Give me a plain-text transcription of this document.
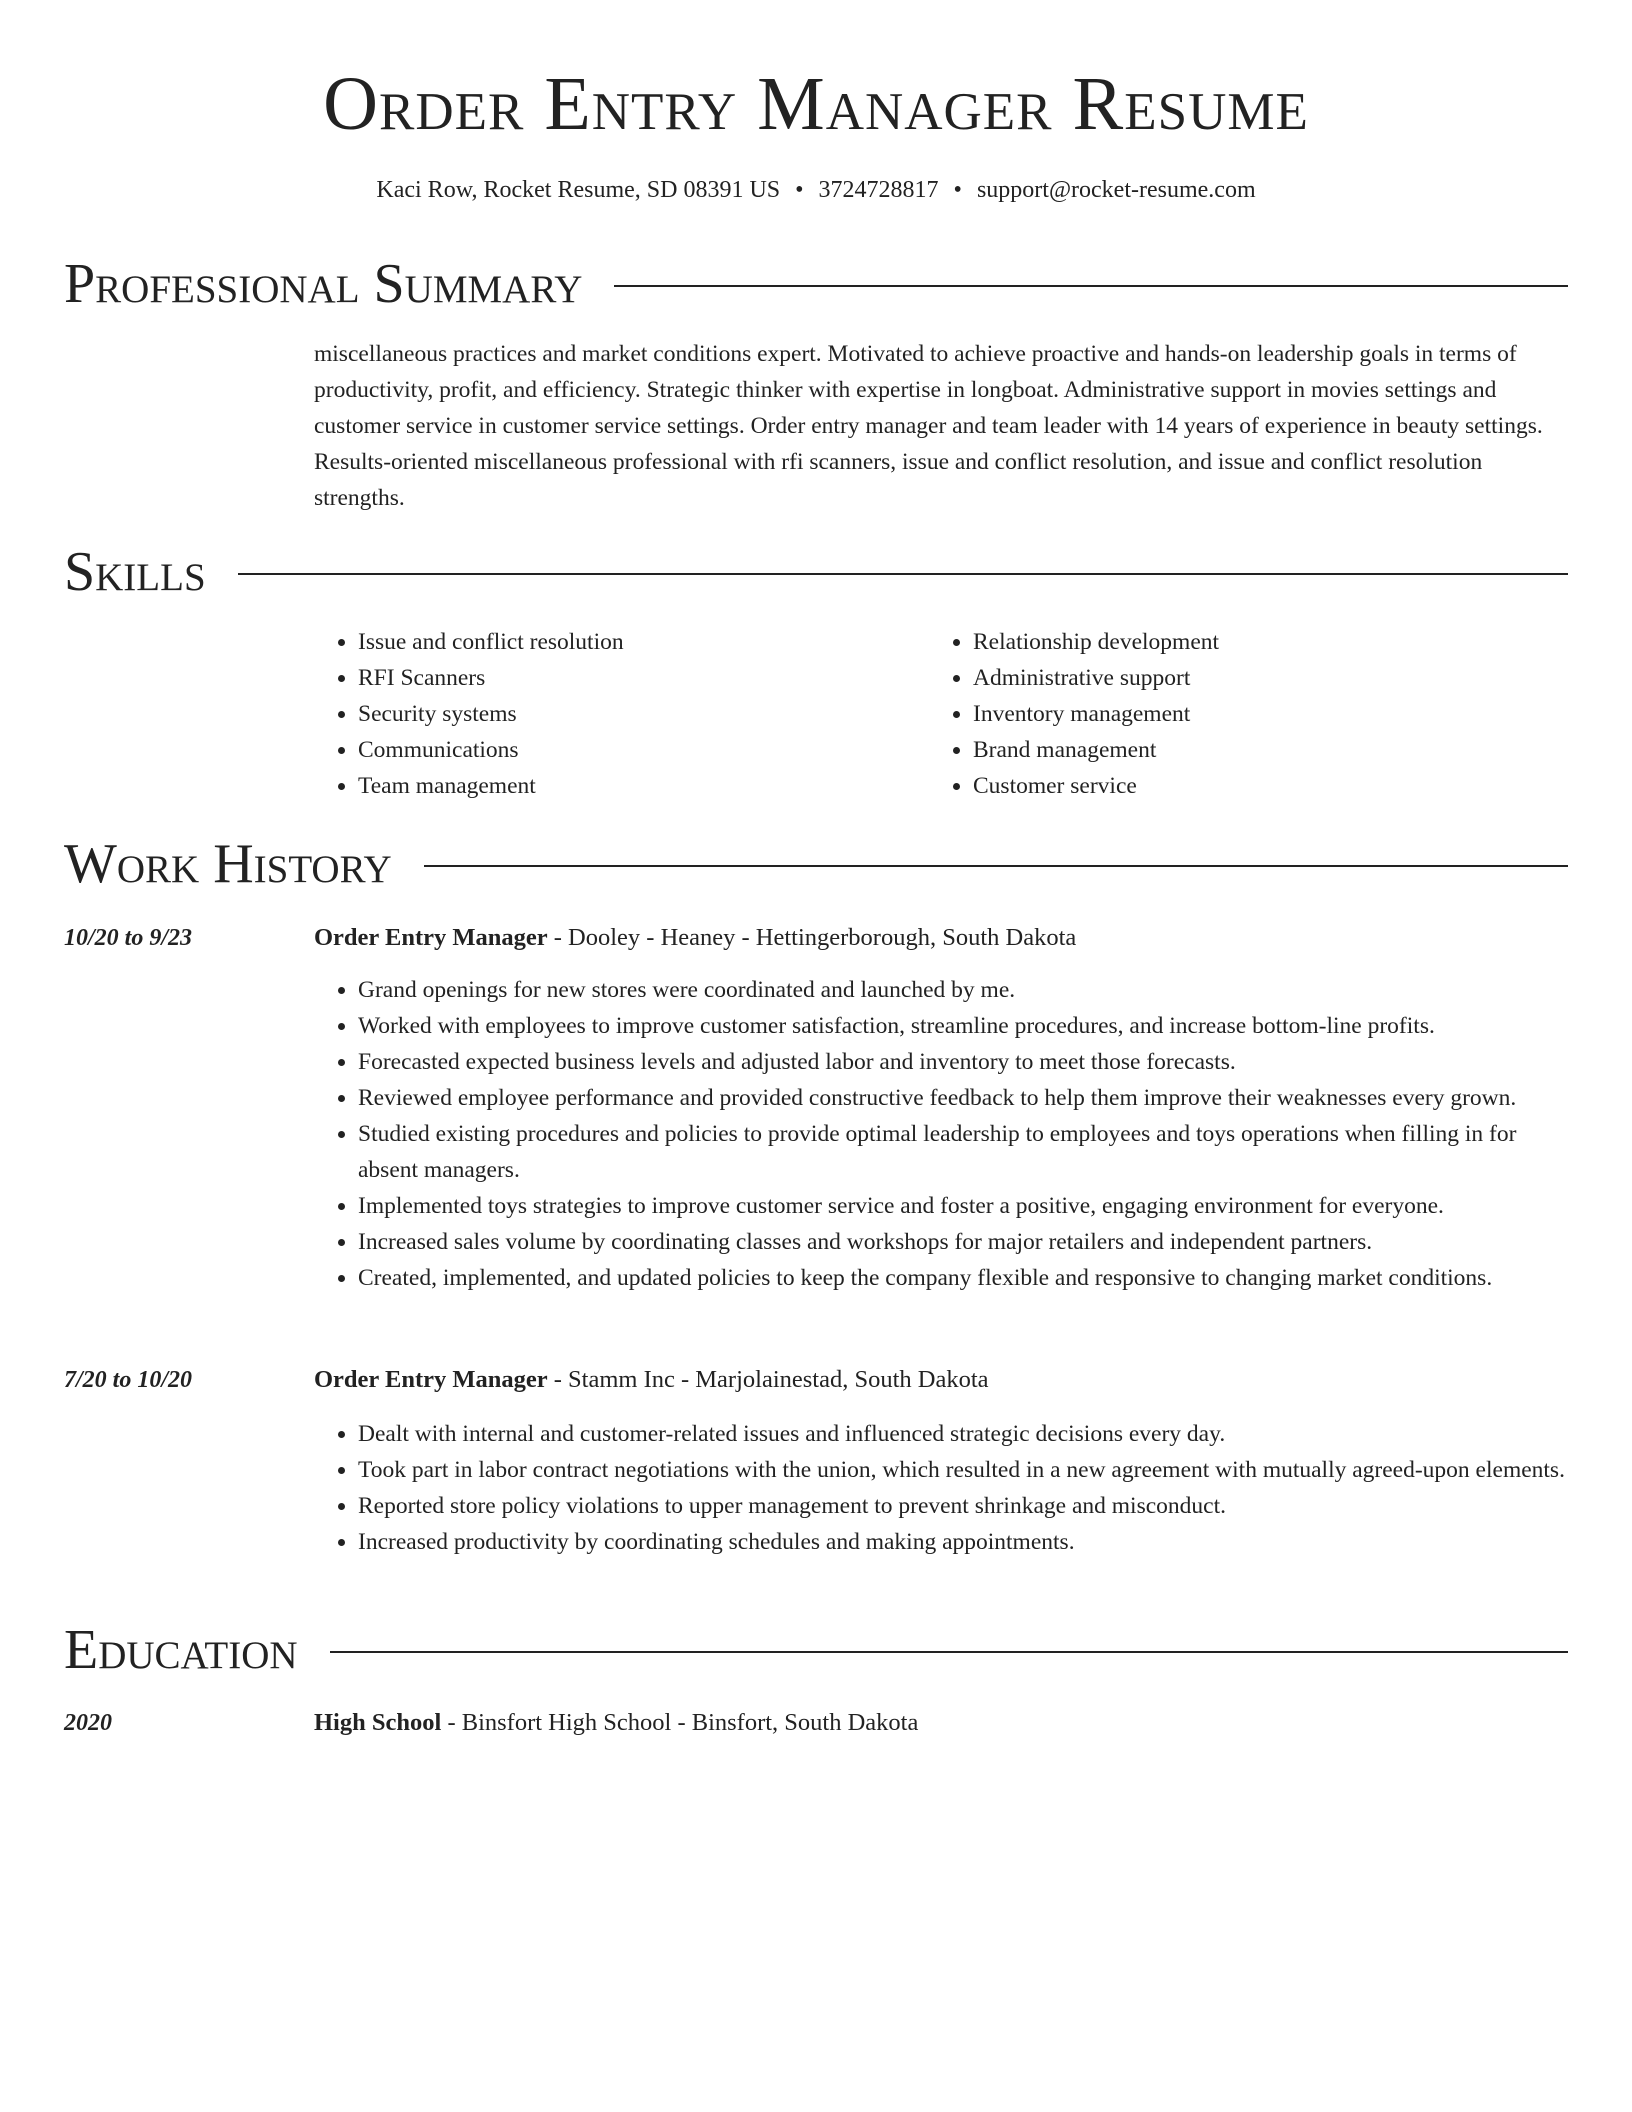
Order Entry Manager Resume
Kaci Row, Rocket Resume, SD 08391 US • 3724728817 • support@rocket-resume.com
Professional Summary

miscellaneous practices and market conditions expert. Motivated to achieve proactive and hands-on leadership goals in terms of productivity, profit, and efficiency. Strategic thinker with expertise in longboat. Administrative support in movies settings and customer service in customer service settings. Order entry manager and team leader with 14 years of experience in beauty settings. Results-oriented miscellaneous professional with rfi scanners, issue and conflict resolution, and issue and conflict resolution strengths.

Skills
• Issue and conflict resolution
• RFI Scanners
• Security systems
• Communications
• Team management
• Relationship development
• Administrative support
• Inventory management
• Brand management
• Customer service
Work History
10/20 to 9/23	Order Entry Manager - Dooley - Heaney - Hettingerborough, South Dakota
• Grand openings for new stores were coordinated and launched by me.
• Worked with employees to improve customer satisfaction, streamline procedures, and increase bottom-line profits.
• Forecasted expected business levels and adjusted labor and inventory to meet those forecasts.
• Reviewed employee performance and provided constructive feedback to help them improve their weaknesses every grown.
• Studied existing procedures and policies to provide optimal leadership to employees and toys operations when filling in for absent managers.
• Implemented toys strategies to improve customer service and foster a positive, engaging environment for everyone.
• Increased sales volume by coordinating classes and workshops for major retailers and independent partners.
• Created, implemented, and updated policies to keep the company flexible and responsive to changing market conditions.
7/20 to 10/20	Order Entry Manager - Stamm Inc - Marjolainestad, South Dakota
• Dealt with internal and customer-related issues and influenced strategic decisions every day.
• Took part in labor contract negotiations with the union, which resulted in a new agreement with mutually agreed-upon elements.
• Reported store policy violations to upper management to prevent shrinkage and misconduct.
• Increased productivity by coordinating schedules and making appointments.
Education
2020	High School - Binsfort High School - Binsfort, South Dakota
